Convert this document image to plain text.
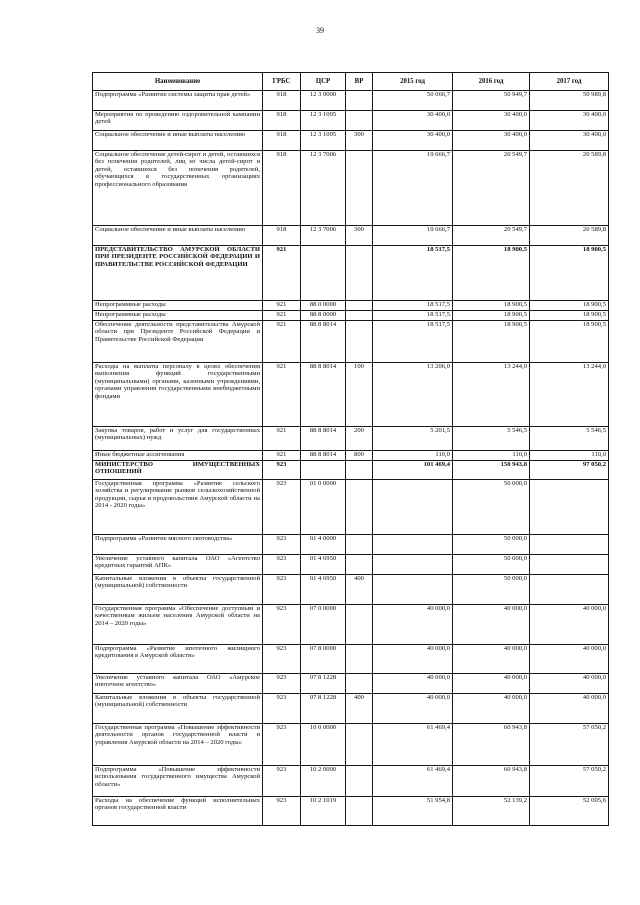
39
Наименование	ГРБС	ЦСР	ВР	2015 год	2016 год	2017 год
Подпрограмма «Развитие системы защиты прав детей»	918	12 3 0000		50 066,7	50 949,7	50 989,8
Мероприятия по проведению оздоровительной кампании детей	918	12 3 1095		30 400,0	30 400,0	30 400,0
Социальное обеспечение и иные выплаты населению	918	12 3 1095	300	30 400,0	30 400,0	30 400,0
Социальное обеспечение детей-сирот и детей, оставшихся без попечения родителей, лиц из числа детей-сирот и детей, оставшихся без попечения родителей, обучающихся в государственных организациях профессионального образования	918	12 3 7006		19 666,7	20 549,7	20 589,8
Социальное обеспечение и иные выплаты населению	918	12 3 7006	300	19 666,7	20 549,7	20 589,8
ПРЕДСТАВИТЕЛЬСТВО АМУРСКОЙ ОБЛАСТИ ПРИ ПРЕЗИДЕНТЕ РОССИЙСКОЙ ФЕДЕРАЦИИ И ПРАВИТЕЛЬСТВЕ РОССИЙСКОЙ ФЕДЕРАЦИИ	921			18 517,5	18 900,5	18 900,5
Непрограммные расходы	921	88 0 0000		18 517,5	18 900,5	18 900,5
Непрограммные расходы	921	88 8 0000		18 517,5	18 900,5	18 900,5
Обеспечение деятельности представительства Амурской области при Президенте Российской Федерации и Правительстве Российской Федерации	921	88 8 8014		18 517,5	18 900,5	18 900,5
Расходы на выплаты персоналу в целях обеспечения выполнения функций государственными (муниципальными) органами, казенными учреждениями, органами управления государственными внебюджетными фондами	921	88 8 8014	100	13 206,0	13 244,0	13 244,0
Закупка товаров, работ и услуг для государственных (муниципальных) нужд	921	88 8 8014	200	5 201,5	5 546,5	5 546,5
Иные бюджетные ассигнования	921	88 8 8014	800	110,0	110,0	110,0
МИНИСТЕРСТВО ИМУЩЕСТВЕННЫХ ОТНОШЕНИЙ	923			101 469,4	150 943,8	97 050,2
Государственная программа «Развитие сельского хозяйства и регулирование рынков сельскохозяйственной продукции, сырья и продовольствия Амурской области на 2014 - 2020 годы»	923	01 0 0000			50 000,0	
Подпрограмма «Развитие мясного скотоводства»	923	01 4 0000			50 000,0	
Увеличение уставного капитала ОАО «Агентство кредитных гарантий АПК»	923	01 4 6950			50 000,0	
Капитальные вложения в объекты государственной (муниципальной) собственности	923	01 4 6950	400		50 000,0	
Государственная программа «Обеспечение доступным и качественным жильем населения Амурской области на 2014 – 2020 годы»	923	07 0 0000		40 000,0	40 000,0	40 000,0
Подпрограмма «Развитие ипотечного жилищного кредитования в Амурской области»	923	07 8 0000		40 000,0	40 000,0	40 000,0
Увеличение уставного капитала ОАО «Амурское ипотечное агентство»	923	07 8 1228		40 000,0	40 000,0	40 000,0
Капитальные вложения в объекты государственной (муниципальной) собственности	923	07 8 1228	400	40 000,0	40 000,0	40 000,0
Государственная программа «Повышение эффективности деятельности органов государственной власти и управления Амурской области на 2014 – 2020 годы»	923	10 0 0000		61 469,4	60 943,8	57 050,2
Подпрограмма «Повышение эффективности использования государственного имущества Амурской области»	923	10 2 0000		61 469,4	60 943,8	57 050,2
Расходы на обеспечение функций исполнительных органов государственной власти	923	10 2 1019		51 954,8	52 139,2	52 005,6
